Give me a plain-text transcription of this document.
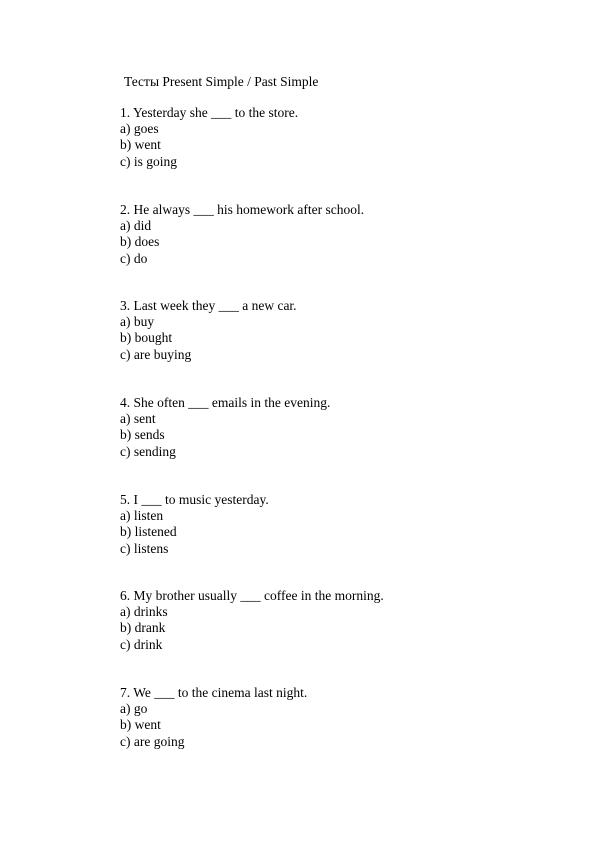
Тесты Present Simple / Past Simple
1. Yesterday she ___ to the store.
a) goes
b) went
c) is going
2. He always ___ his homework after school.
a) did
b) does
c) do
3. Last week they ___ a new car.
a) buy
b) bought
c) are buying
4. She often ___ emails in the evening.
a) sent
b) sends
c) sending
5. I ___ to music yesterday.
a) listen
b) listened
c) listens
6. My brother usually ___ coffee in the morning.
a) drinks
b) drank
c) drink
7. We ___ to the cinema last night.
a) go
b) went
c) are going
